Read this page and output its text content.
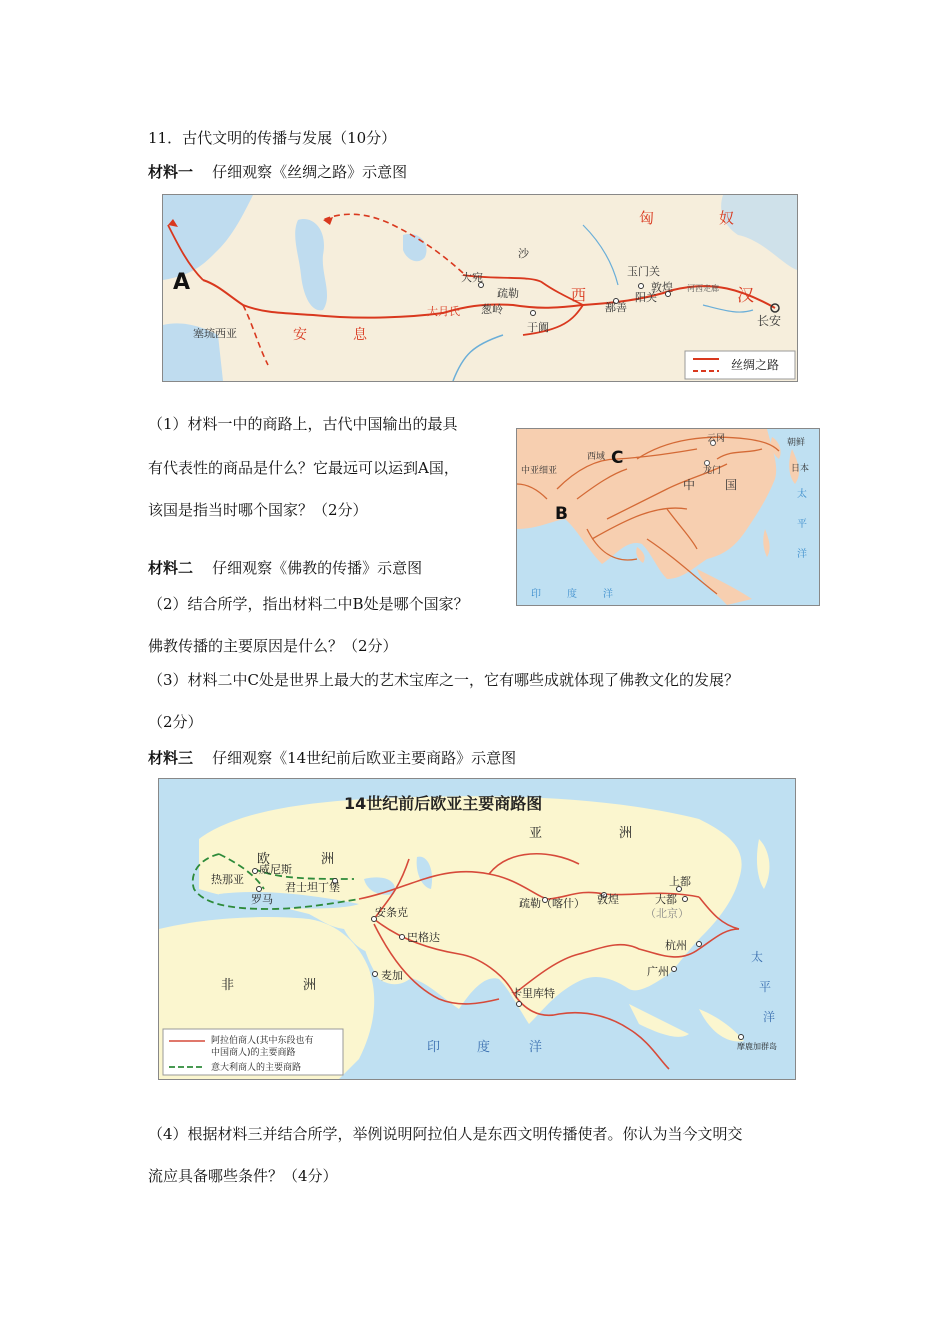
11．古代文明的传播与发展（10分）
材料一 仔细观察《丝绸之路》示意图
A
匈	奴
汉
长安
玉门关
敦煌
阳关
河西走廊
鄯善
西
疏勒
大宛
沙
葱岭
大月氏
于阗
安	息
塞琉西亚
丝绸之路
（1）材料一中的商路上，古代中国输出的最具
有代表性的商品是什么？它最远可以运到A国，
该国是指当时哪个国家？（2分）
中亚细亚
西域 C
B
云冈
龙门
中 国
朝鲜
日本
太
平
洋
印	度	洋
材料二 仔细观察《佛教的传播》示意图
（2）结合所学，指出材料二中B处是哪个国家？
佛教传播的主要原因是什么？（2分）
（3）材料二中C处是世界上最大的艺术宝库之一，它有哪些成就体现了佛教文化的发展？
（2分）
材料三 仔细观察《14世纪前后欧亚主要商路》示意图
14世纪前后欧亚主要商路图
亚	洲
欧	洲
热那亚
威尼斯
君士坦丁堡
罗马
安条克
巴格达
麦加
疏勒（喀什） 敦煌
上都
大都
（北京）
杭州
广州
卡里库特
非	洲
印	度	洋
太
平
洋
摩鹿加群岛
阿拉伯商人(其中东段也有
中国商人)的主要商路
意大利商人的主要商路
（4）根据材料三并结合所学，举例说明阿拉伯人是东西文明传播使者。你认为当今文明交
流应具备哪些条件？（4分）
